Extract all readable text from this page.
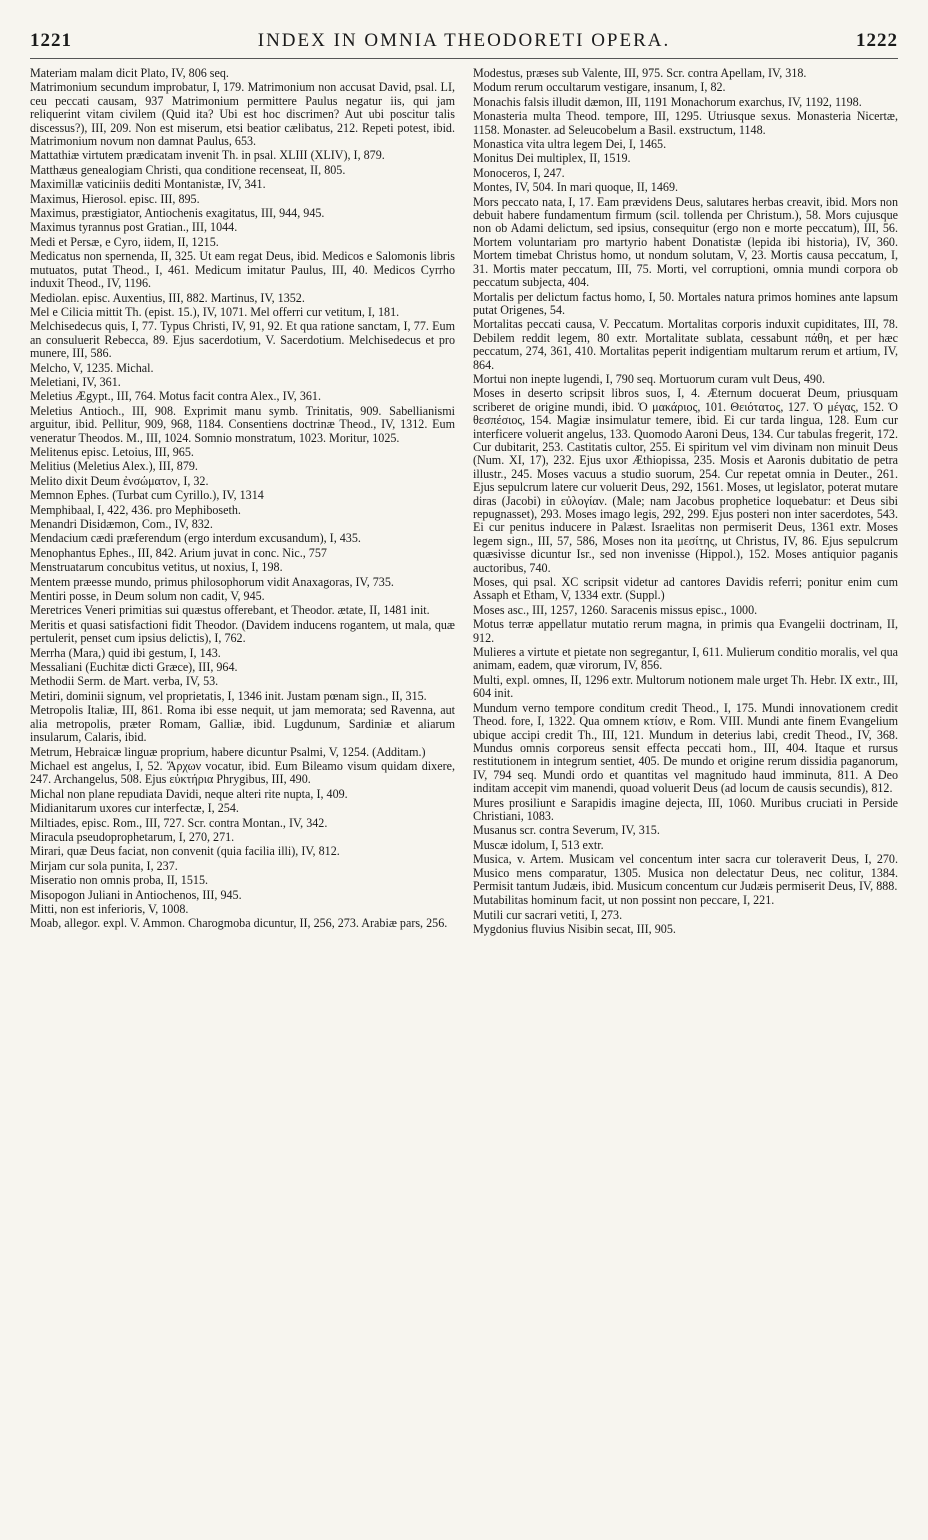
1221	INDEX IN OMNIA THEODORETI OPERA.	1222

Materiam malam dicit Plato, IV, 806 seq.

Matrimonium secundum improbatur, I, 179. Matrimonium non accusat David, psal. LI, ceu peccati causam, 937 Matrimonium permittere Paulus negatur iis, qui jam reliquerint vitam civilem (Quid ita? Ubi est hoc discrimen? Aut ubi poscitur talis discessus?), III, 209. Non est miserum, etsi beatior cælibatus, 212. Repeti potest, ibid. Matrimonium novum non damnat Paulus, 653.

Mattathiæ virtutem prædicatam invenit Th. in psal. XLIII (XLIV), I, 879.

Matthæus genealogiam Christi, qua conditione recenseat, II, 805.

Maximillæ vaticiniis dediti Montanistæ, IV, 341.

Maximus, Hierosol. episc. III, 895.

Maximus, præstigiator, Antiochenis exagitatus, III, 944, 945.

Maximus tyrannus post Gratian., III, 1044.

Medi et Persæ, e Cyro, iidem, II, 1215.

Medicatus non spernenda, II, 325. Ut eam regat Deus, ibid. Medicos e Salomonis libris mutuatos, putat Theod., I, 461. Medicum imitatur Paulus, III, 40. Medicos Cyrrho induxit Theod., IV, 1196.

Mediolan. episc. Auxentius, III, 882. Martinus, IV, 1352.

Mel e Cilicia mittit Th. (epist. 15.), IV, 1071. Mel offerri cur vetitum, I, 181.

Melchisedecus quis, I, 77. Typus Christi, IV, 91, 92. Et qua ratione sanctam, I, 77. Eum an consuluerit Rebecca, 89. Ejus sacerdotium, V. Sacerdotium. Melchisedecus et pro munere, III, 586.

Melcho, V, 1235. Michal.

Meletiani, IV, 361.

Meletius Ægypt., III, 764. Motus facit contra Alex., IV, 361.

Meletius Antioch., III, 908. Exprimit manu symb. Trinitatis, 909. Sabellianismi arguitur, ibid. Pellitur, 909, 968, 1184. Consentiens doctrinæ Theod., IV, 1312. Eum veneratur Theodos. M., III, 1024. Somnio monstratum, 1023. Moritur, 1025.

Melitenus episc. Letoius, III, 965.

Melitius (Meletius Alex.), III, 879.

Melito dixit Deum ἐνσώματον, I, 32.

Memnon Ephes. (Turbat cum Cyrillo.), IV, 1314

Memphibaal, I, 422, 436. pro Mephiboseth.

Menandri Disidæmon, Com., IV, 832.

Mendacium cædi præferendum (ergo interdum excusandum), I, 435.

Menophantus Ephes., III, 842. Arium juvat in conc. Nic., 757

Menstruatarum concubitus vetitus, ut noxius, I, 198.

Mentem præesse mundo, primus philosophorum vidit Anaxagoras, IV, 735.

Mentiri posse, in Deum solum non cadit, V, 945.

Meretrices Veneri primitias sui quæstus offerebant, et Theodor. ætate, II, 1481 init.

Meritis et quasi satisfactioni fidit Theodor. (Davidem inducens rogantem, ut mala, quæ pertulerit, penset cum ipsius delictis), I, 762.

Merrha (Mara,) quid ibi gestum, I, 143.

Messaliani (Euchitæ dicti Græce), III, 964.

Methodii Serm. de Mart. verba, IV, 53.

Metiri, dominii signum, vel proprietatis, I, 1346 init. Justam pœnam sign., II, 315.

Metropolis Italiæ, III, 861. Roma ibi esse nequit, ut jam memorata; sed Ravenna, aut alia metropolis, præter Romam, Galliæ, ibid. Lugdunum, Sardiniæ et aliarum insularum, Calaris, ibid.

Metrum, Hebraicæ linguæ proprium, habere dicuntur Psalmi, V, 1254. (Additam.)

Michael est angelus, I, 52. Ἄρχων vocatur, ibid. Eum Bileamo visum quidam dixere, 247. Archangelus, 508. Ejus εὐκτήρια Phrygibus, III, 490.

Michal non plane repudiata Davidi, neque alteri rite nupta, I, 409.

Midianitarum uxores cur interfectæ, I, 254.

Miltiades, episc. Rom., III, 727. Scr. contra Montan., IV, 342.

Miracula pseudoprophetarum, I, 270, 271.

Mirari, quæ Deus faciat, non convenit (quia facilia illi), IV, 812.

Mirjam cur sola punita, I, 237.

Miseratio non omnis proba, II, 1515.

Misopogon Juliani in Antiochenos, III, 945.

Mitti, non est inferioris, V, 1008.

Moab, allegor. expl. V. Ammon. Charogmoba dicuntur, II, 256, 273. Arabiæ pars, 256.

Modestus, præses sub Valente, III, 975. Scr. contra Apellam, IV, 318.

Modum rerum occultarum vestigare, insanum, I, 82.

Monachis falsis illudit dæmon, III, 1191 Monachorum exarchus, IV, 1192, 1198.

Monasteria multa Theod. tempore, III, 1295. Utriusque sexus. Monasteria Nicertæ, 1158. Monaster. ad Seleucobelum a Basil. exstructum, 1148.

Monastica vita ultra legem Dei, I, 1465.

Monitus Dei multiplex, II, 1519.

Monoceros, I, 247.

Montes, IV, 504. In mari quoque, II, 1469.

Mors peccato nata, I, 17. Eam prævidens Deus, salutares herbas creavit, ibid. Mors non debuit habere fundamentum firmum (scil. tollenda per Christum.), 58. Mors cujusque non ob Adami delictum, sed ipsius, consequitur (ergo non e morte peccatum), III, 56. Mortem voluntariam pro martyrio habent Donatistæ (lepida ibi historia), IV, 360. Mortem timebat Christus homo, ut nondum solutam, V, 23. Mortis causa peccatum, I, 31. Mortis mater peccatum, III, 75. Morti, vel corruptioni, omnia mundi corpora ob peccatum subjecta, 404.

Mortalis per delictum factus homo, I, 50. Mortales natura primos homines ante lapsum putat Origenes, 54.

Mortalitas peccati causa, V. Peccatum. Mortalitas corporis induxit cupiditates, III, 78. Debilem reddit legem, 80 extr. Mortalitate sublata, cessabunt πάθη, et per hæc peccatum, 274, 361, 410. Mortalitas peperit indigentiam multarum rerum et artium, IV, 864.

Mortui non inepte lugendi, I, 790 seq. Mortuorum curam vult Deus, 490.

Moses in deserto scripsit libros suos, I, 4. Æternum docuerat Deum, priusquam scriberet de origine mundi, ibid. Ὁ μακάριος, 101. Θειότατος, 127. Ὁ μέγας, 152. Ὁ θεσπέσιος, 154. Magiæ insimulatur temere, ibid. Ei cur tarda lingua, 128. Eum cur interficere voluerit angelus, 133. Quomodo Aaroni Deus, 134. Cur tabulas fregerit, 172. Cur dubitarit, 253. Castitatis cultor, 255. Ei spiritum vel vim divinam non minuit Deus (Num. XI, 17), 232. Ejus uxor Æthiopissa, 235. Mosis et Aaronis dubitatio de petra illustr., 245. Moses vacuus a studio suorum, 254. Cur repetat omnia in Deuter., 261. Ejus sepulcrum latere cur voluerit Deus, 292, 1561. Moses, ut legislator, poterat mutare diras (Jacobi) in εὐλογίαν. (Male; nam Jacobus prophetice loquebatur: et Deus sibi repugnasset), 293. Moses imago legis, 292, 299. Ejus posteri non inter sacerdotes, 543. Ei cur penitus inducere in Palæst. Israelitas non permiserit Deus, 1361 extr. Moses legem sign., III, 57, 586, Moses non ita μεσίτης, ut Christus, IV, 86. Ejus sepulcrum quæsivisse dicuntur Isr., sed non invenisse (Hippol.), 152. Moses antiquior paganis auctoribus, 740.

Moses, qui psal. XC scripsit videtur ad cantores Davidis referri; ponitur enim cum Assaph et Etham, V, 1334 extr. (Suppl.)

Moses asc., III, 1257, 1260. Saracenis missus episc., 1000.

Motus terræ appellatur mutatio rerum magna, in primis qua Evangelii doctrinam, II, 912.

Mulieres a virtute et pietate non segregantur, I, 611. Mulierum conditio moralis, vel qua animam, eadem, quæ virorum, IV, 856.

Multi, expl. omnes, II, 1296 extr. Multorum notionem male urget Th. Hebr. IX extr., III, 604 init.

Mundum verno tempore conditum credit Theod., I, 175. Mundi innovationem credit Theod. fore, I, 1322. Qua omnem κτίσιν, e Rom. VIII. Mundi ante finem Evangelium ubique accipi credit Th., III, 121. Mundum in deterius labi, credit Theod., IV, 368. Mundus omnis corporeus sensit effecta peccati hom., III, 404. Itaque et rursus restitutionem in integrum sentiet, 405. De mundo et origine rerum dissidia paganorum, IV, 794 seq. Mundi ordo et quantitas vel magnitudo haud imminuta, 811. A Deo inditam accepit vim manendi, quoad voluerit Deus (ad locum de causis secundis), 812.

Mures prosiliunt e Sarapidis imagine dejecta, III, 1060. Muribus cruciati in Perside Christiani, 1083.

Musanus scr. contra Severum, IV, 315.

Muscæ idolum, I, 513 extr.

Musica, v. Artem. Musicam vel concentum inter sacra cur toleraverit Deus, I, 270. Musico mens comparatur, 1305. Musica non delectatur Deus, nec colitur, 1384. Permisit tantum Judæis, ibid. Musicum concentum cur Judæis permiserit Deus, IV, 888.

Mutabilitas hominum facit, ut non possint non peccare, I, 221.

Mutili cur sacrari vetiti, I, 273.

Mygdonius fluvius Nisibin secat, III, 905.
